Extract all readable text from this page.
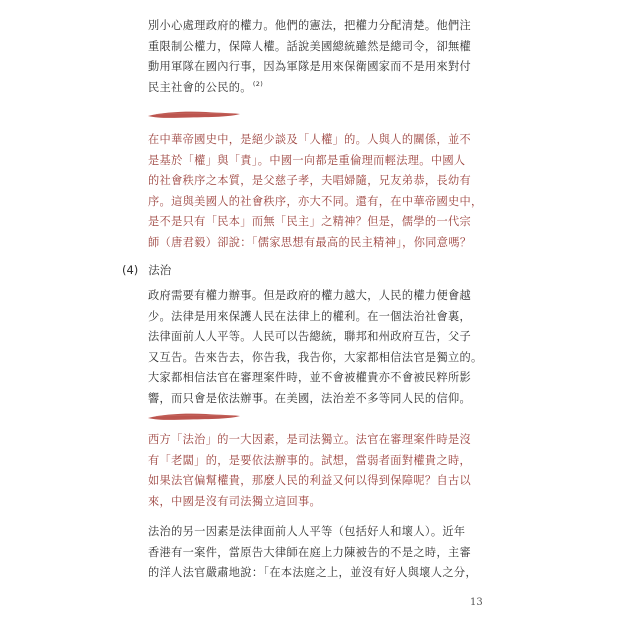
別小心處理政府的權力。他們的憲法，把權力分配清楚。他們注
重限制公權力，保障人權。話說美國總統雖然是總司令，卻無權
動用軍隊在國內行事，因為軍隊是用來保衛國家而不是用來對付
民主社會的公民的。$^{(2)}$
在中華帝國史中，是絕少談及「人權」的。人與人的關係，並不
是基於「權」與「責」。中國一向都是重倫理而輕法理。中國人
的社會秩序之本質，是父慈子孝，夫唱婦隨，兄友弟恭，長幼有
序。這與美國人的社會秩序，亦大不同。還有，在中華帝國史中，
是不是只有「民本」而無「民主」之精神？但是，儒學的一代宗
師（唐君毅）卻說：「儒家思想有最高的民主精神」，你同意嗎？
(4) 法治
政府需要有權力辦事。但是政府的權力越大，人民的權力便會越
少。法律是用來保護人民在法律上的權利。在一個法治社會裏，
法律面前人人平等。人民可以告總統，聯邦和州政府互告，父子
又互告。告來告去，你告我，我告你，大家都相信法官是獨立的。
大家都相信法官在審理案件時，並不會被權貴亦不會被民粹所影
響，而只會是依法辦事。在美國，法治差不多等同人民的信仰。
西方「法治」的一大因素，是司法獨立。法官在審理案件時是沒
有「老闆」的，是要依法辦事的。試想，當弱者面對權貴之時，
如果法官偏幫權貴，那麼人民的利益又何以得到保障呢？自古以
來，中國是沒有司法獨立這回事。
法治的另一因素是法律面前人人平等（包括好人和壞人）。近年
香港有一案件，當原告大律師在庭上力陳被告的不是之時，主審
的洋人法官嚴肅地說：「在本法庭之上，並沒有好人與壞人之分，
13
